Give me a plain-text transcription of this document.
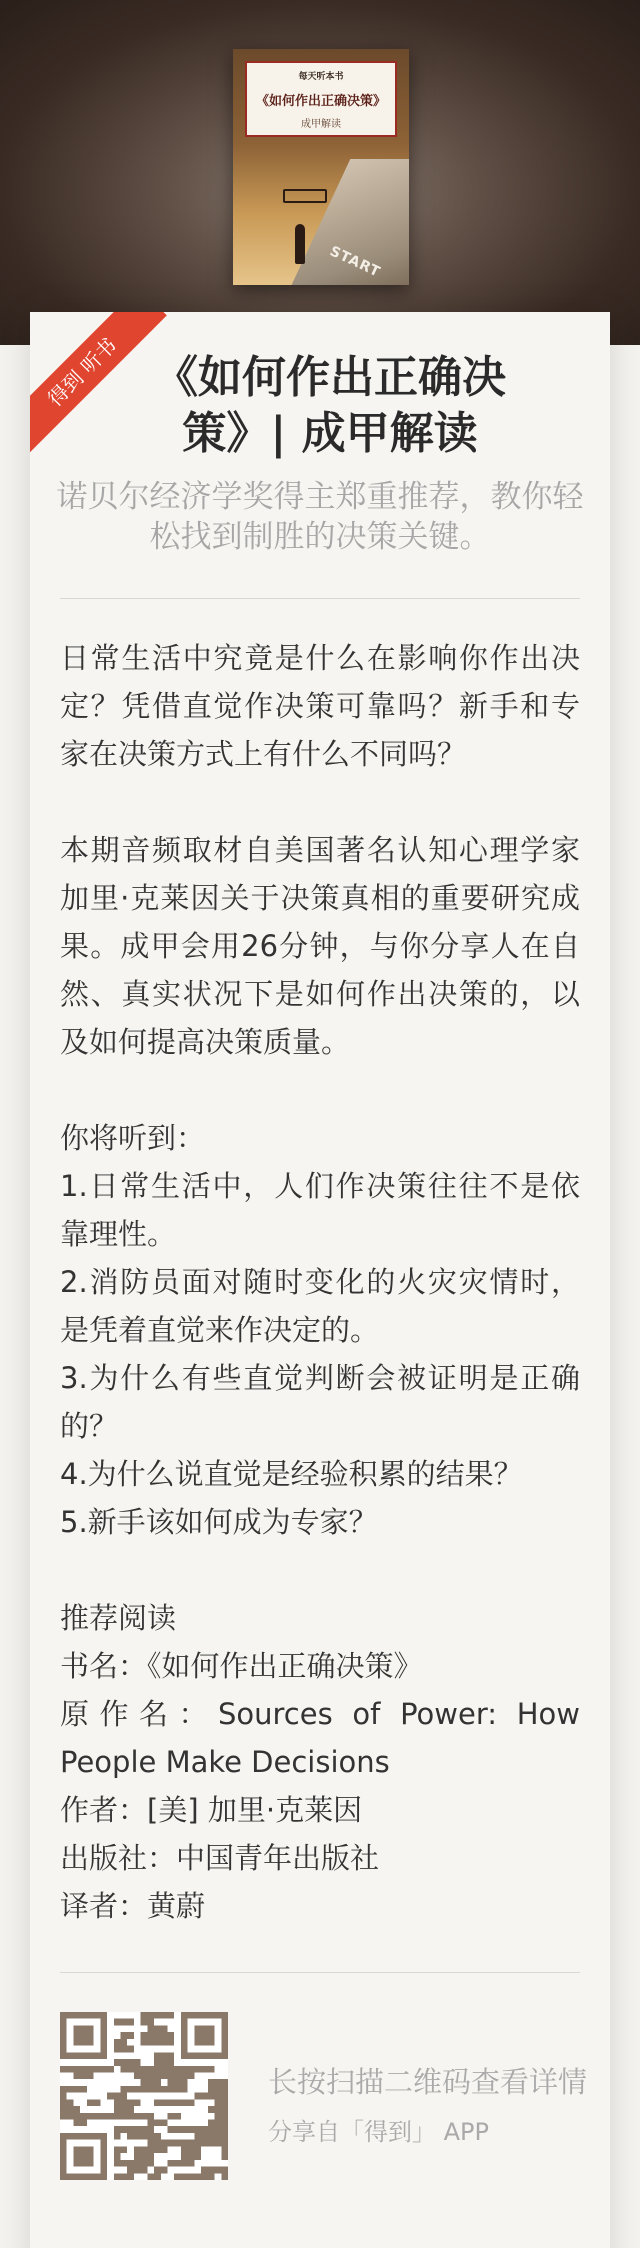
START
每天听本书
《如何作出正确决策》
成甲解读
得到 听书 《如何作出正确决策》| 成甲解读
诺贝尔经济学奖得主郑重推荐，教你轻松找到制胜的决策关键。

日常生活中究竟是什么在影响你作出决定？凭借直觉作决策可靠吗？新手和专家在决策方式上有什么不同吗？

本期音频取材自美国著名认知心理学家加里·克莱因关于决策真相的重要研究成果。成甲会用26分钟，与你分享人在自然、真实状况下是如何作出决策的，以及如何提高决策质量。

你将听到：

1.日常生活中，人们作决策往往不是依靠理性。

2.消防员面对随时变化的火灾灾情时，是凭着直觉来作决定的。

3.为什么有些直觉判断会被证明是正确的？

4.为什么说直觉是经验积累的结果？

5.新手该如何成为专家？

推荐阅读

书名：《如何作出正确决策》

原作名：Sources of Power: How People Make Decisions

作者：[美] 加里·克莱因

出版社：中国青年出版社

译者：黄蔚

长按扫描二维码查看详情
分享自「得到」 APP
